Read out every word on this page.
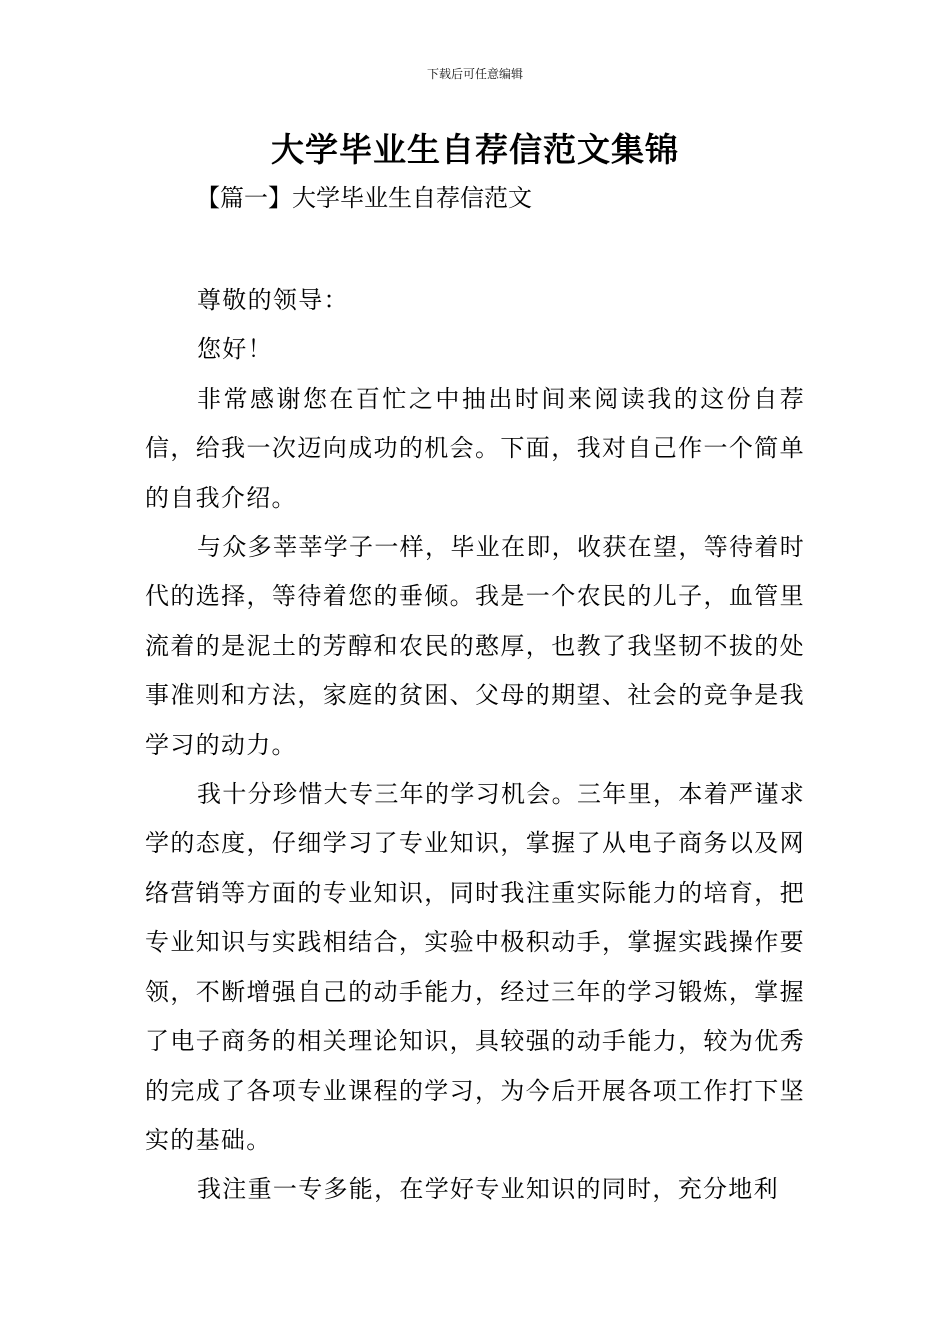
下载后可任意编辑
大学毕业生自荐信范文集锦
【篇一】大学毕业生自荐信范文

尊敬的领导：

您好！

非常感谢您在百忙之中抽出时间来阅读我的这份自荐信，给我一次迈向成功的机会。下面，我对自己作一个简单的自我介绍。

与众多莘莘学子一样，毕业在即，收获在望，等待着时代的选择，等待着您的垂倾。我是一个农民的儿子，血管里流着的是泥土的芳醇和农民的憨厚，也教了我坚韧不拔的处事准则和方法，家庭的贫困、父母的期望、社会的竞争是我学习的动力。

我十分珍惜大专三年的学习机会。三年里，本着严谨求学的态度，仔细学习了专业知识，掌握了从电子商务以及网络营销等方面的专业知识，同时我注重实际能力的培育，把专业知识与实践相结合，实验中极积动手，掌握实践操作要领，不断增强自己的动手能力，经过三年的学习锻炼，掌握了电子商务的相关理论知识，具较强的动手能力，较为优秀的完成了各项专业课程的学习，为今后开展各项工作打下坚实的基础。

我注重一专多能，在学好专业知识的同时，充分地利
